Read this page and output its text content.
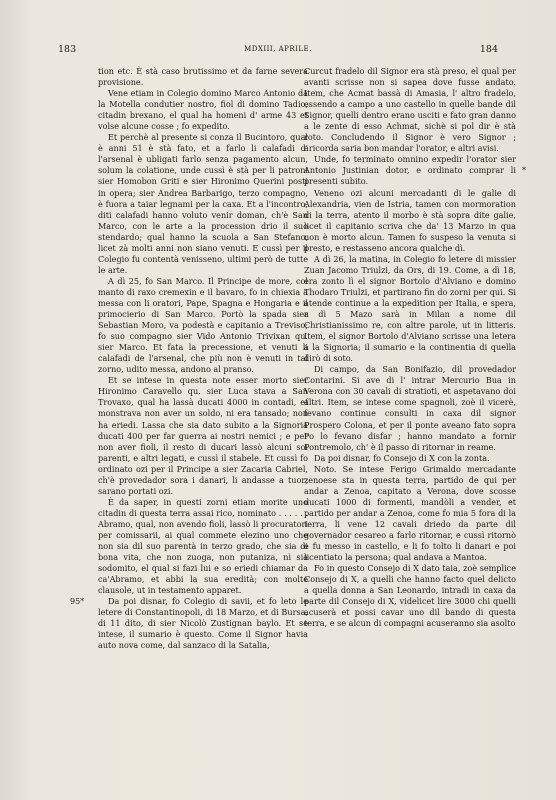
183	MDXIII, APRILE.	184

tion etc. È stà caso brutissimo et da farne severa provisione.

Vene etiam in Colegio domino Marco Antonio da la Motella condutier nostro, fiol di domino Tadio, citadin brexano, el qual ha homeni d' arme 43 et volse alcune cosse ; fo expedito.

Et perchè al presente si conza il Bucintoro, qual è anni 51 è stà fato, et a farlo li calafadi d' l'arsenal è ubligati farlo senza pagamento alcun, solum la colatione, unde cussì è stà per li patroni sier Homobon Griti e sier Hironimo Querini posti in opera; sier Andrea Barbarigo, terzo compagno, è fuora a taiar legnami per la caxa. Et a l'incontro, diti calafadi hanno voluto venir doman, ch'è San Marco, con le arte a la procession drio il suo stendardo; qual hanno la scuola a San Stefano, licet zà molti anni non siano venuti. E cussì per il Colegio fu contentà venisseno, ultimi però de tutte le arte.

A dì 25, fo San Marco. Il Principe de more, col manto di raxo cremexin e il bavaro, fo in chiexia a messa con li oratori, Pape, Spagna e Hongaria e il primocierio di San Marco. Portò la spada sier Sebastian Moro, va podestà e capitanio a Treviso; fo suo compagno sier Vido Antonio Trivixan qu. sier Marco. Et fata la precessione, et venuti li calafadi de l'arsenal, che più non è venuti in tal zorno, udito messa, andono al pranso.

Et se intese in questa note esser morto sier Hironimo Caravello qu. sier Luca stava a San Trovaxo, qual ha lassà ducati 4000 in contadi, ef monstrava non aver un soldo, ni era tansado; non ha eriedi. Lassa che sia dato subito a la Signoria ducati 400 per far guerra ai nostri nemici ; e per non aver fioli, il resto di ducari lassò alcuni soi parenti, e altri legati, e cussì il stabele. Et cussì fo ordinato ozi per il Principe a sier Zacaria Cabriel, ch'è provedador sora i danari, li andasse a tuor; sarano portati ozi.

È da saper, in questi zorni etiam morite uno citadin di questa terra assai rico, nominato . . . . . . Abramo, qual, non avendo fioli, lassò li procuratori per comissarii, ai qual commete elezino uno che non sia dil suo parentà in terzo grado, che sia di bona vita, che non zuoga, non putaniza, nì sia sodomito, el qual si fazi lui e so eriedi chiamar da ca'Abramo, et abbi la sua eredità; con molte clausole, ut in testamento apparet.

95*	Da poi disnar, fo Colegio di savii, et fo leto le letere di Constantinopoli, di 18 Marzo, et di Bursa, di 11 dito, di sier Nicolò Zustignan baylo. Et se intese, il sumario è questo. Come il Signor havia auto nova come, dal sanzaco di la Satalia,

Curcut fradelo dil Signor era stà preso, el qual per avanti scrisse non si sapea dove fusse andato. Item, che Acmat bassà di Amasia, l' altro fradelo, essendo a campo a uno castello in quelle bande dil Signor, quelli dentro erano usciti e fato gran danno a le zente di esso Achmat, sichè si pol dir è stà roto. Concludendo il Signor è vero Signor ; aricorda saria bon mandar l'orator, e altri avisi.

*

Unde, fo terminato omnino expedir l'orator sier Antonio Justinian dotor, e ordinato comprar li presenti subito.

Veneno ozi alcuni mercadanti di le galie di Alexandria, vien de Istria, tamen con mormoration di la terra, atento il morbo è stà sopra dite galie, licet il capitanio scriva che da' 13 Marzo in qua non è morto alcun. Tamen fo suspeso la venuta si presto, e restasseno ancora qualche dì.

A dì 26, la matina, in Colegio fo letere di missier Zuan Jacomo Triulzi, da Ors, di 19. Come, a dì 18, era zonto lì el signor Bortolo d'Alviano e domino Thodaro Triulzi, et partirano fin do zorni per qui. Si atende continue a la expedition per Italia, e spera, a dì 5 Mazo sarà in Milan a nome dil Christianissimo re, con altre parole, ut in litteris. Item, el signor Bortolo d'Alviano scrisse una letera a la Signoria; il sumario e la continentia di quella dirò di soto.

Di campo, da San Bonifazio, dil provedador Contarini. Si ave di l' intrar Mercurio Bua in Verona con 30 cavali di stratioti, et aspetavano doi altri. Item, se intese come spagnoli, zoè il vicerè, fevano continue consulti in caxa dil signor Prospero Colona, et per il ponte aveano fato sopra Po lo fevano disfar ; hanno mandato a fornir Pontremolo, ch' è il passo di ritornar in reame.

Da poi disnar, fo Consejo di X con la zonta.

Noto. Se intese Ferigo Grimaldo mercadante zenoese sta in questa terra, partido de qui per andar a Zenoa, capitato a Verona, dove scosse ducati 1000 di formenti, mandòli a vender, et partido per andar a Zenoa, come fo mia 5 fora di la terra, li vene 12 cavali driedo da parte dil governador cesareo a farlo ritornar, e cussì ritornò e fu messo in castello, e li fo tolto li danari e poi licentiato la persona; qual andava a Mantoa.

Fo in questo Consejo di X dato taia, zoè semplice Consejo di X, a quelli che hanno facto quel delicto a quella donna a San Leonardo, intradi in caxa da parte dil Consejo di X, videlicet lire 3000 chi quelli acuserà et possi cavar uno dil bando di questa terra, e se alcun di compagni acuseranno sia asolto
